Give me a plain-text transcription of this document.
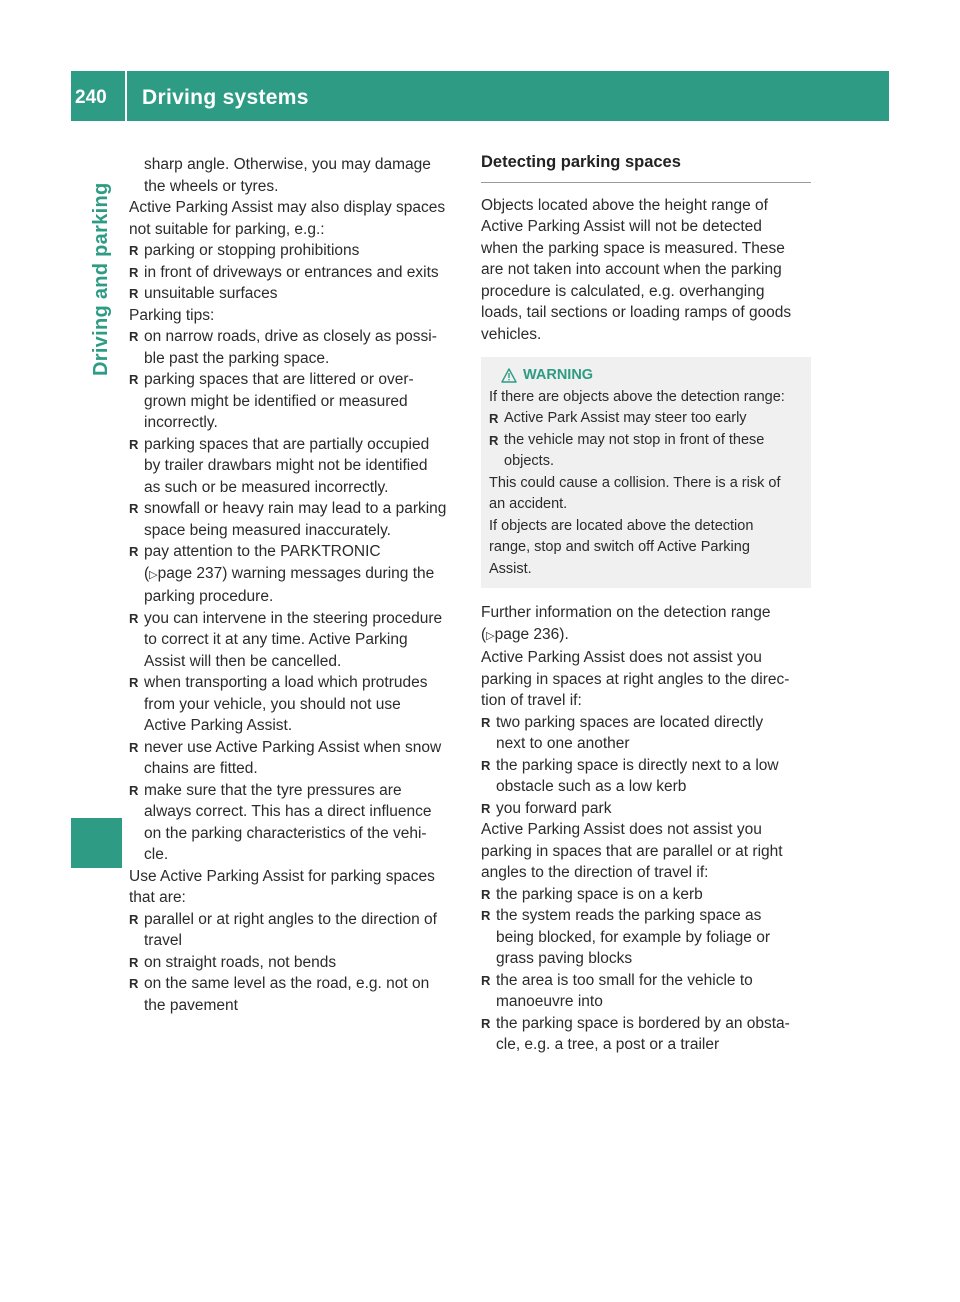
240 Driving systems
Driving and parking

sharp angle. Otherwise, you may damage

the wheels or tyres.

Active Parking Assist may also display spaces

not suitable for parking, e.g.:

R parking or stopping prohibitions

R in front of driveways or entrances and exits

R unsuitable surfaces

Parking tips:

R on narrow roads, drive as closely as possi-

ble past the parking space.

R parking spaces that are littered or over-

grown might be identified or measured

incorrectly.

R parking spaces that are partially occupied

by trailer drawbars might not be identified

as such or be measured incorrectly.

R snowfall or heavy rain may lead to a parking

space being measured inaccurately.

R pay attention to the PARKTRONIC

(▷page 237) warning messages during the

parking procedure.

R you can intervene in the steering procedure

to correct it at any time. Active Parking

Assist will then be cancelled.

R when transporting a load which protrudes

from your vehicle, you should not use

Active Parking Assist.

R never use Active Parking Assist when snow

chains are fitted.

R make sure that the tyre pressures are

always correct. This has a direct influence

on the parking characteristics of the vehi-

cle.

Use Active Parking Assist for parking spaces

that are:

R parallel or at right angles to the direction of

travel

R on straight roads, not bends

R on the same level as the road, e.g. not on

the pavement

Detecting parking spaces

Objects located above the height range of

Active Parking Assist will not be detected

when the parking space is measured. These

are not taken into account when the parking

procedure is calculated, e.g. overhanging

loads, tail sections or loading ramps of goods

vehicles.

WARNING

If there are objects above the detection range:

R Active Park Assist may steer too early

R the vehicle may not stop in front of these

objects.

This could cause a collision. There is a risk of

an accident.

If objects are located above the detection

range, stop and switch off Active Parking

Assist.

Further information on the detection range

(▷page 236).

Active Parking Assist does not assist you

parking in spaces at right angles to the direc-

tion of travel if:

R two parking spaces are located directly

next to one another

R the parking space is directly next to a low

obstacle such as a low kerb

R you forward park

Active Parking Assist does not assist you

parking in spaces that are parallel or at right

angles to the direction of travel if:

R the parking space is on a kerb

R the system reads the parking space as

being blocked, for example by foliage or

grass paving blocks

R the area is too small for the vehicle to

manoeuvre into

R the parking space is bordered by an obsta-

cle, e.g. a tree, a post or a trailer
